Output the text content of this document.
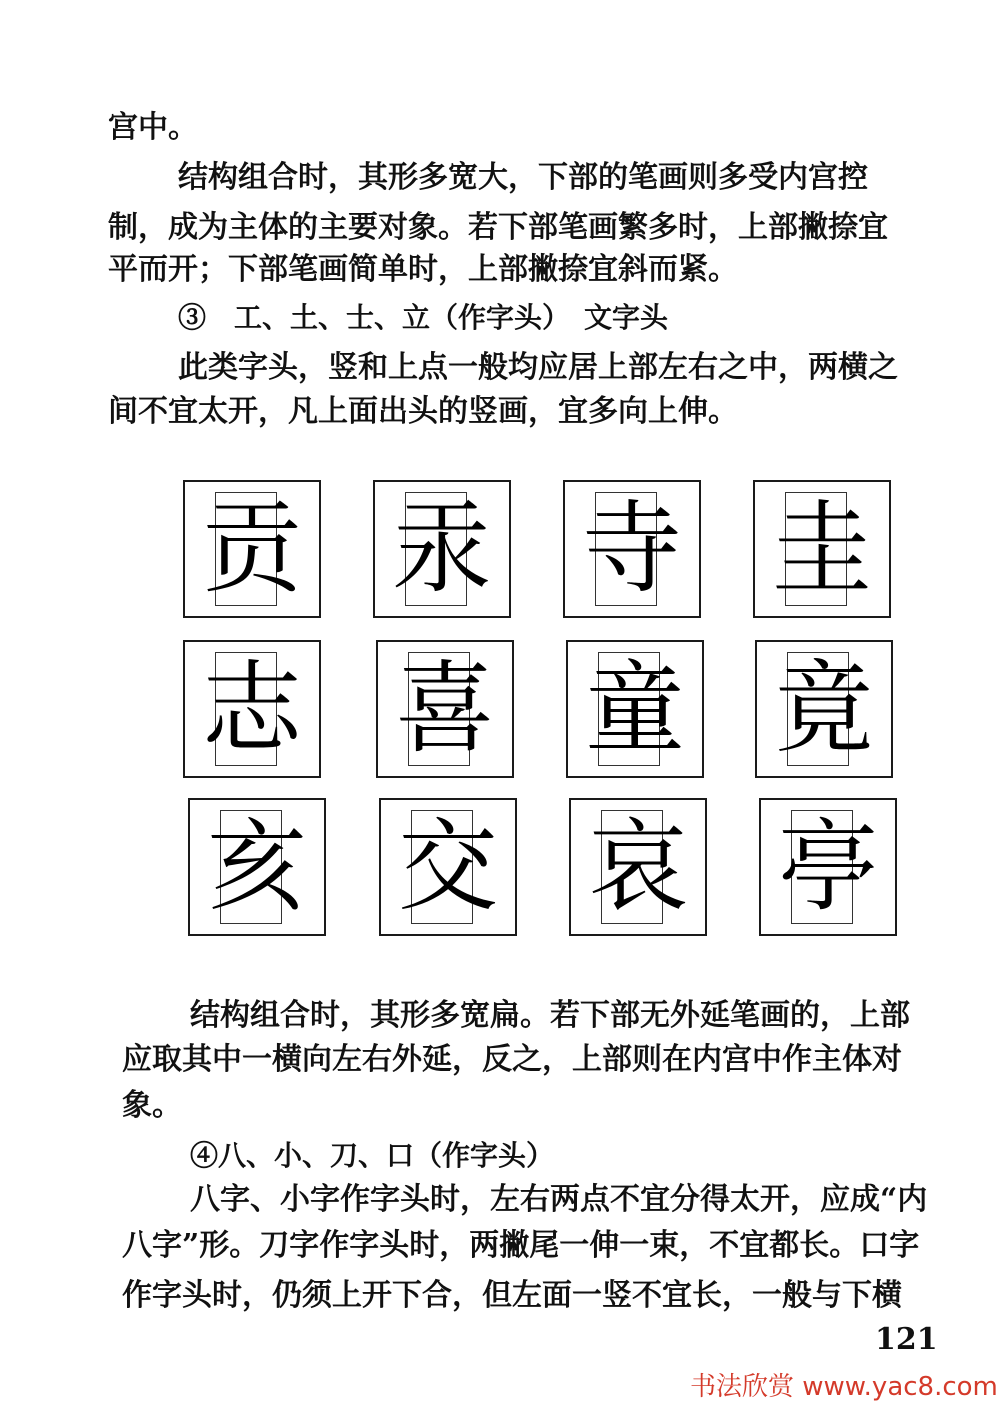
宫中。
结构组合时，其形多宽大，下部的笔画则多受内宫控
制，成为主体的主要对象。若下部笔画繁多时，上部撇捺宜
平而开；下部笔画简单时，上部撇捺宜斜而紧。
③　工、土、士、立（作字头）　文字头
此类字头，竖和上点一般均应居上部左右之中，两横之
间不宜太开，凡上面出头的竖画，宜多向上伸。
贡 汞 寺 圭
志 喜 童 竟
亥 交 哀 亭
结构组合时，其形多宽扁。若下部无外延笔画的，上部
应取其中一横向左右外延，反之，上部则在内宫中作主体对
象。
④八、小、刀、口（作字头）
八字、小字作字头时，左右两点不宜分得太开，应成“内
八字”形。刀字作字头时，两撇尾一伸一束，不宜都长。口字
作字头时，仍须上开下合，但左面一竖不宜长，一般与下横
121
书法欣赏 www.yac8.com
